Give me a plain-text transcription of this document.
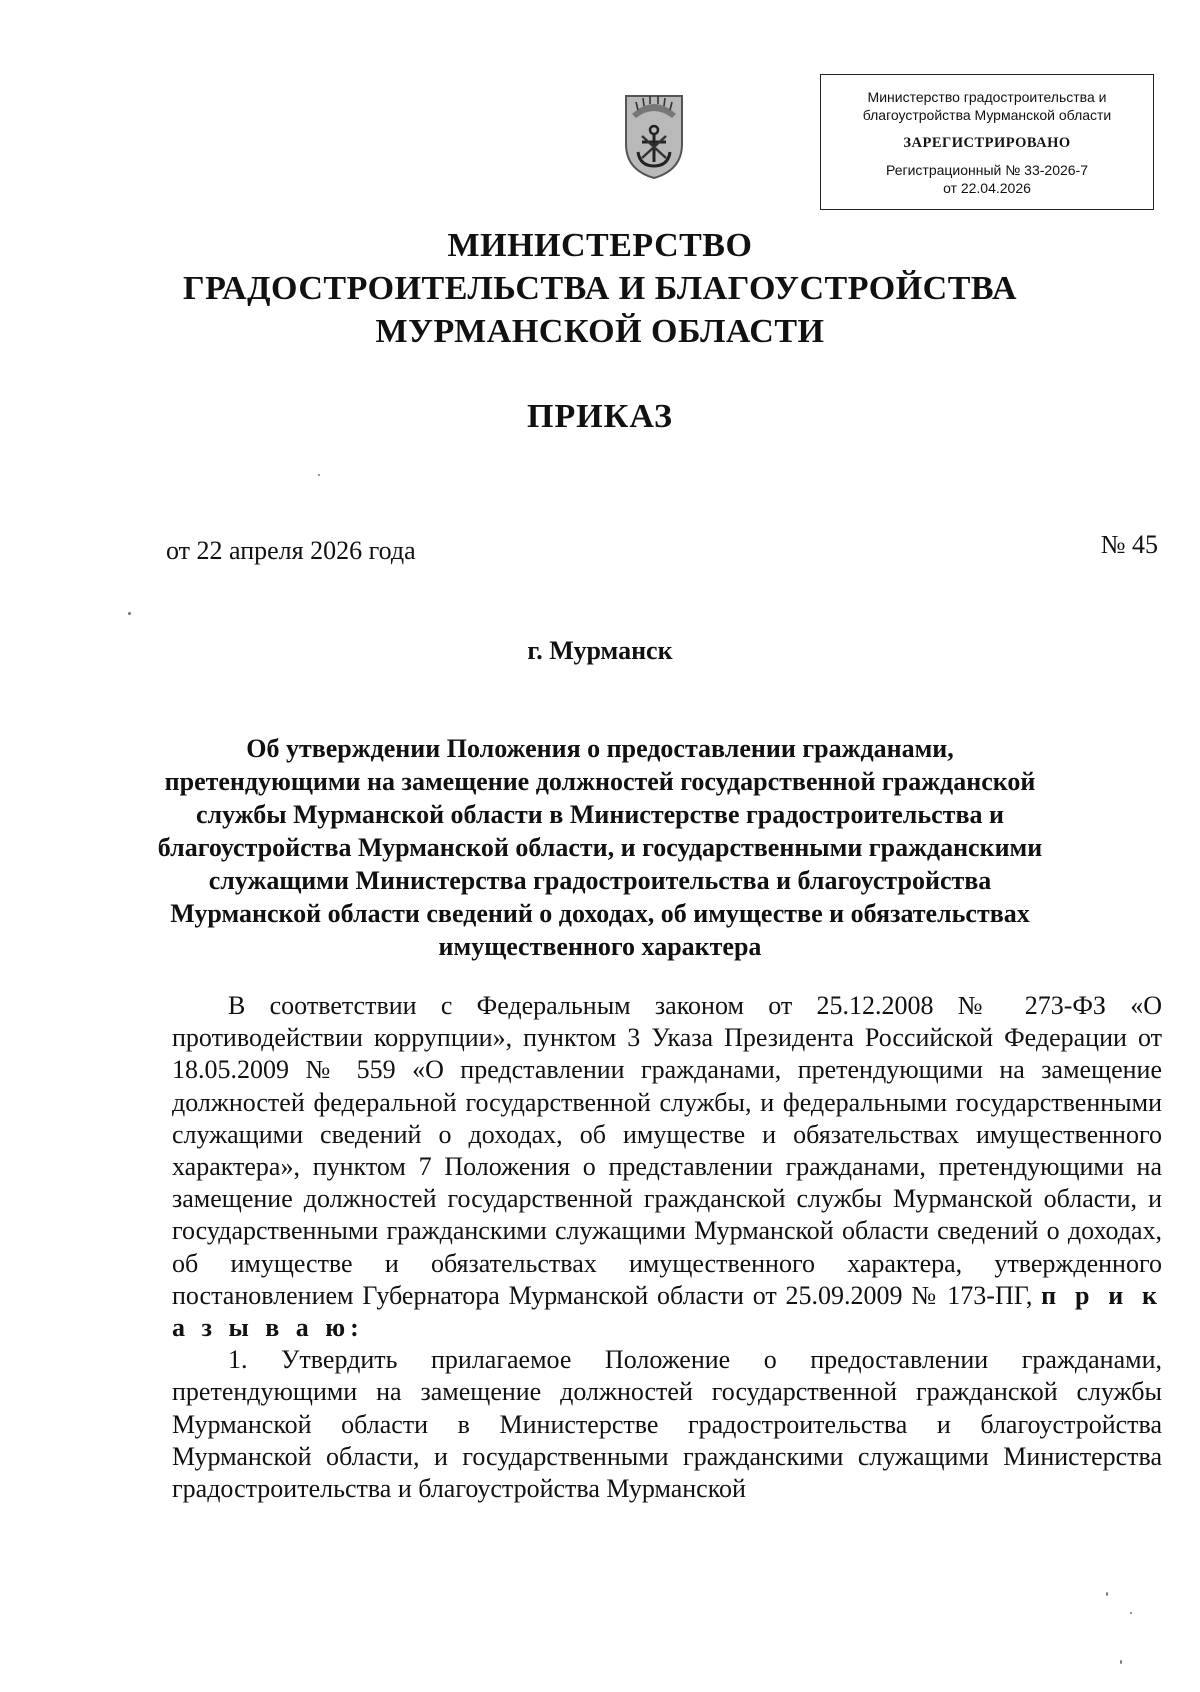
Министерство градостроительства и благоустройства Мурманской области
ЗАРЕГИСТРИРОВАНО
Регистрационный № 33-2026-7
от 22.04.2026
МИНИСТЕРСТВО
ГРАДОСТРОИТЕЛЬСТВА И БЛАГОУСТРОЙСТВА
МУРМАНСКОЙ ОБЛАСТИ
ПРИКАЗ
от 22 апреля 2026 года	№ 45
г. Мурманск
Об утверждении Положения о предоставлении гражданами, претендующими на замещение должностей государственной гражданской службы Мурманской области в Министерстве градостроительства и благоустройства Мурманской области, и государственными гражданскими служащими Министерства градостроительства и благоустройства Мурманской области сведений о доходах, об имуществе и обязательствах имущественного характера

В соответствии с Федеральным законом от 25.12.2008 № 273-ФЗ «О противодействии коррупции», пунктом 3 Указа Президента Российской Федерации от 18.05.2009 № 559 «О представлении гражданами, претендующими на замещение должностей федеральной государственной службы, и федеральными государственными служащими сведений о доходах, об имуществе и обязательствах имущественного характера», пунктом 7 Положения о представлении гражданами, претендующими на замещение должностей государственной гражданской службы Мурманской области, и государственными гражданскими служащими Мурманской области сведений о доходах, об имуществе и обязательствах имущественного характера, утвержденного постановлением Губернатора Мурманской области от 25.09.2009 № 173-ПГ, п р и к а з ы в а ю:

1. Утвердить прилагаемое Положение о предоставлении гражданами, претендующими на замещение должностей государственной гражданской службы Мурманской области в Министерстве градостроительства и благоустройства Мурманской области, и государственными гражданскими служащими Министерства градостроительства и благоустройства Мурманской
